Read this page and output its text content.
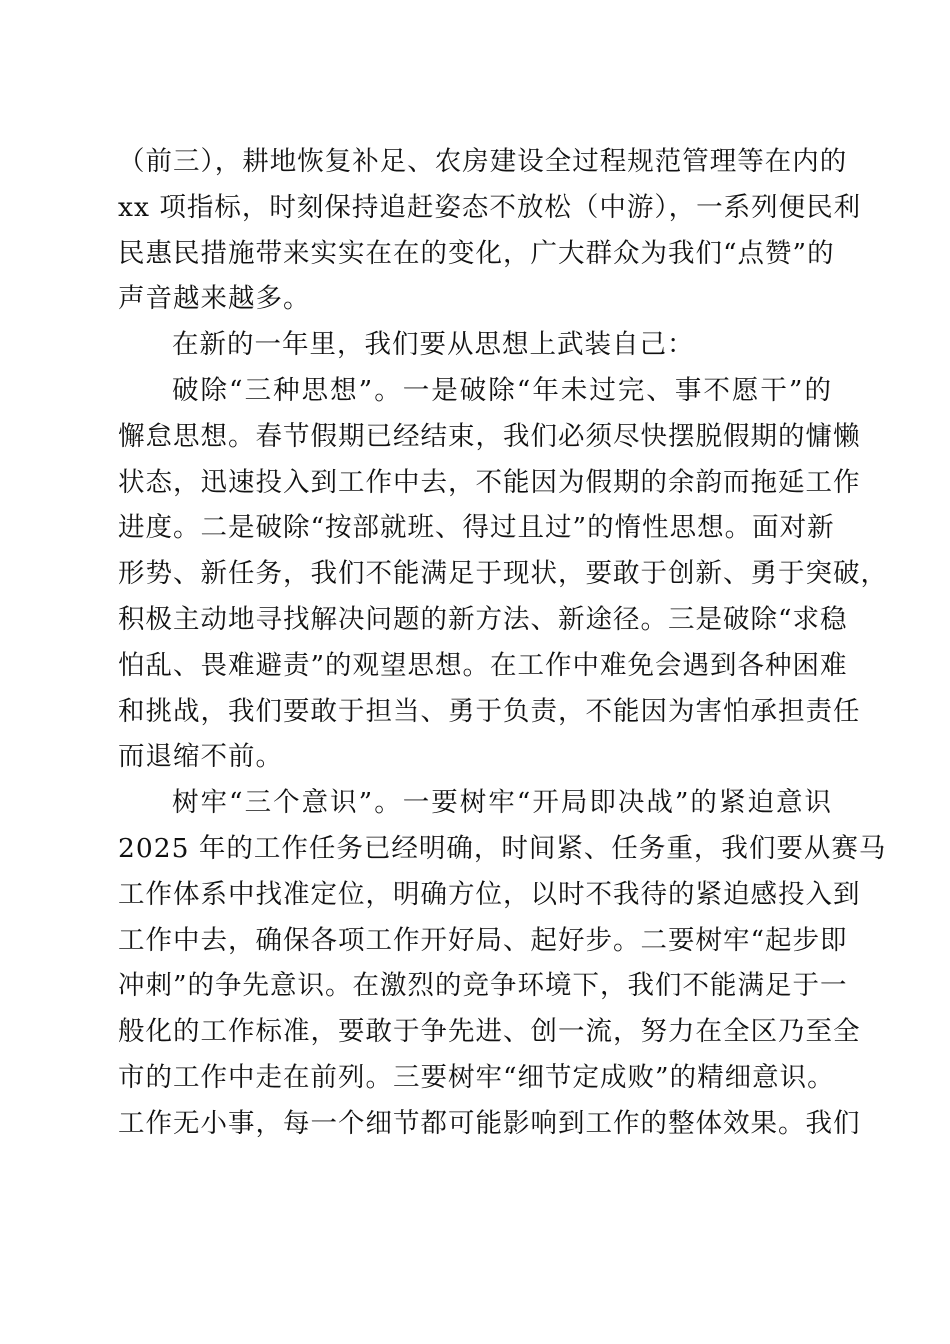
（前三），耕地恢复补足、农房建设全过程规范管理等在内的
xx 项指标，时刻保持追赶姿态不放松（中游），一系列便民利
民惠民措施带来实实在在的变化，广大群众为我们“点赞”的
声音越来越多。
在新的一年里，我们要从思想上武装自己：
破除“三种思想”。一是破除“年未过完、事不愿干”的
懈怠思想。春节假期已经结束，我们必须尽快摆脱假期的慵懒
状态，迅速投入到工作中去，不能因为假期的余韵而拖延工作
进度。二是破除“按部就班、得过且过”的惰性思想。面对新
形势、新任务，我们不能满足于现状，要敢于创新、勇于突破，
积极主动地寻找解决问题的新方法、新途径。三是破除“求稳
怕乱、畏难避责”的观望思想。在工作中难免会遇到各种困难
和挑战，我们要敢于担当、勇于负责，不能因为害怕承担责任
而退缩不前。
树牢“三个意识”。一要树牢“开局即决战”的紧迫意识
2025 年的工作任务已经明确，时间紧、任务重，我们要从赛马
工作体系中找准定位，明确方位，以时不我待的紧迫感投入到
工作中去，确保各项工作开好局、起好步。二要树牢“起步即
冲刺”的争先意识。在激烈的竞争环境下，我们不能满足于一
般化的工作标准，要敢于争先进、创一流，努力在全区乃至全
市的工作中走在前列。三要树牢“细节定成败”的精细意识。
工作无小事，每一个细节都可能影响到工作的整体效果。我们
